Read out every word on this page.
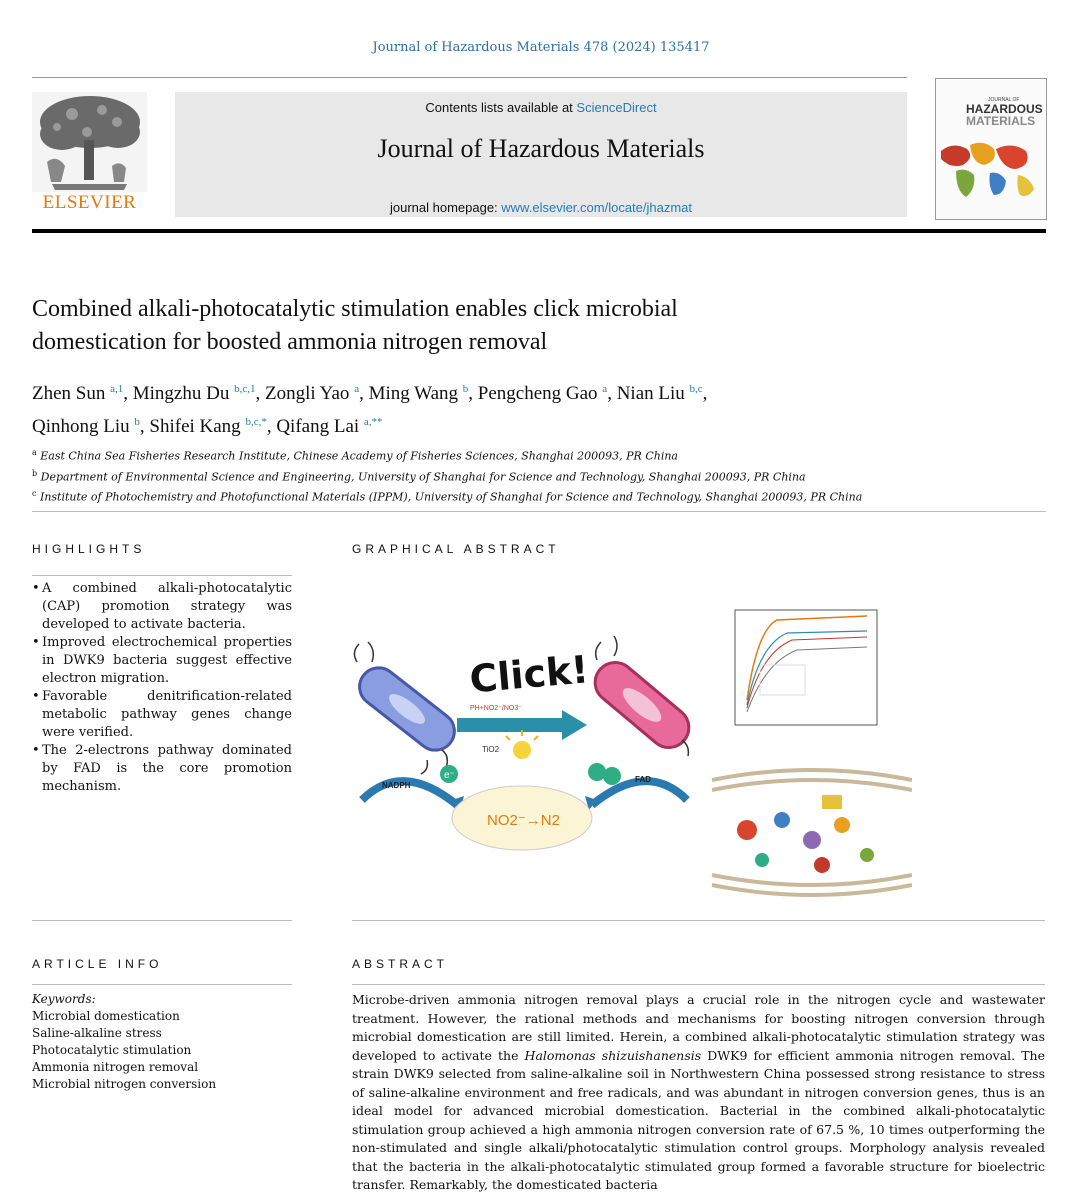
Journal of Hazardous Materials 478 (2024) 135417
ELSEVIER
Contents lists available at ScienceDirect
Journal of Hazardous Materials
journal homepage: www.elsevier.com/locate/jhazmat
JOURNAL OF
HAZARDOUS
MATERIALS
Combined alkali-photocatalytic stimulation enables click microbial
domestication for boosted ammonia nitrogen removal
Zhen Sun $^{a,1}$, Mingzhu Du $^{b,c,1}$, Zongli Yao $^a$, Ming Wang $^b$, Pengcheng Gao $^a$, Nian Liu $^{b,c}$,
Qinhong Liu $^b$, Shifei Kang $^{b,c,*}$, Qifang Lai $^{a,**}$
$^a$ East China Sea Fisheries Research Institute, Chinese Academy of Fisheries Sciences, Shanghai 200093, PR China
$^b$ Department of Environmental Science and Engineering, University of Shanghai for Science and Technology, Shanghai 200093, PR China
$^c$ Institute of Photochemistry and Photofunctional Materials (IPPM), University of Shanghai for Science and Technology, Shanghai 200093, PR China
HIGHLIGHTS
• A combined alkali-photocatalytic (CAP) promotion strategy was developed to activate bacteria.
• Improved electrochemical properties in DWK9 bacteria suggest effective electron migration.
• Favorable denitrification-related metabolic pathway genes change were verified.
• The 2-electrons pathway dominated by FAD is the core promotion mechanism.
GRAPHICAL ABSTRACT
Click!
PH+NO2⁻/NO3⁻
TiO2
NADPH
e⁻	FAD
NO2⁻→N2
ARTICLE INFO
Keywords:
Microbial domestication
Saline-alkaline stress
Photocatalytic stimulation
Ammonia nitrogen removal
Microbial nitrogen conversion
ABSTRACT
Microbe-driven ammonia nitrogen removal plays a crucial role in the nitrogen cycle and wastewater treatment. However, the rational methods and mechanisms for boosting nitrogen conversion through microbial domestication are still limited. Herein, a combined alkali-photocatalytic stimulation strategy was developed to activate the Halomonas shizuishanensis DWK9 for efficient ammonia nitrogen removal. The strain DWK9 selected from saline-alkaline soil in Northwestern China possessed strong resistance to stress of saline-alkaline environment and free radicals, and was abundant in nitrogen conversion genes, thus is an ideal model for advanced microbial domestication. Bacterial in the combined alkali-photocatalytic stimulation group achieved a high ammonia nitrogen conversion rate of 67.5 %, 10 times outperforming the non-stimulated and single alkali/photocatalytic stimulation control groups. Morphology analysis revealed that the bacteria in the alkali-photocatalytic stimulated group formed a favorable structure for bioelectric transfer. Remarkably, the domesticated bacteria
